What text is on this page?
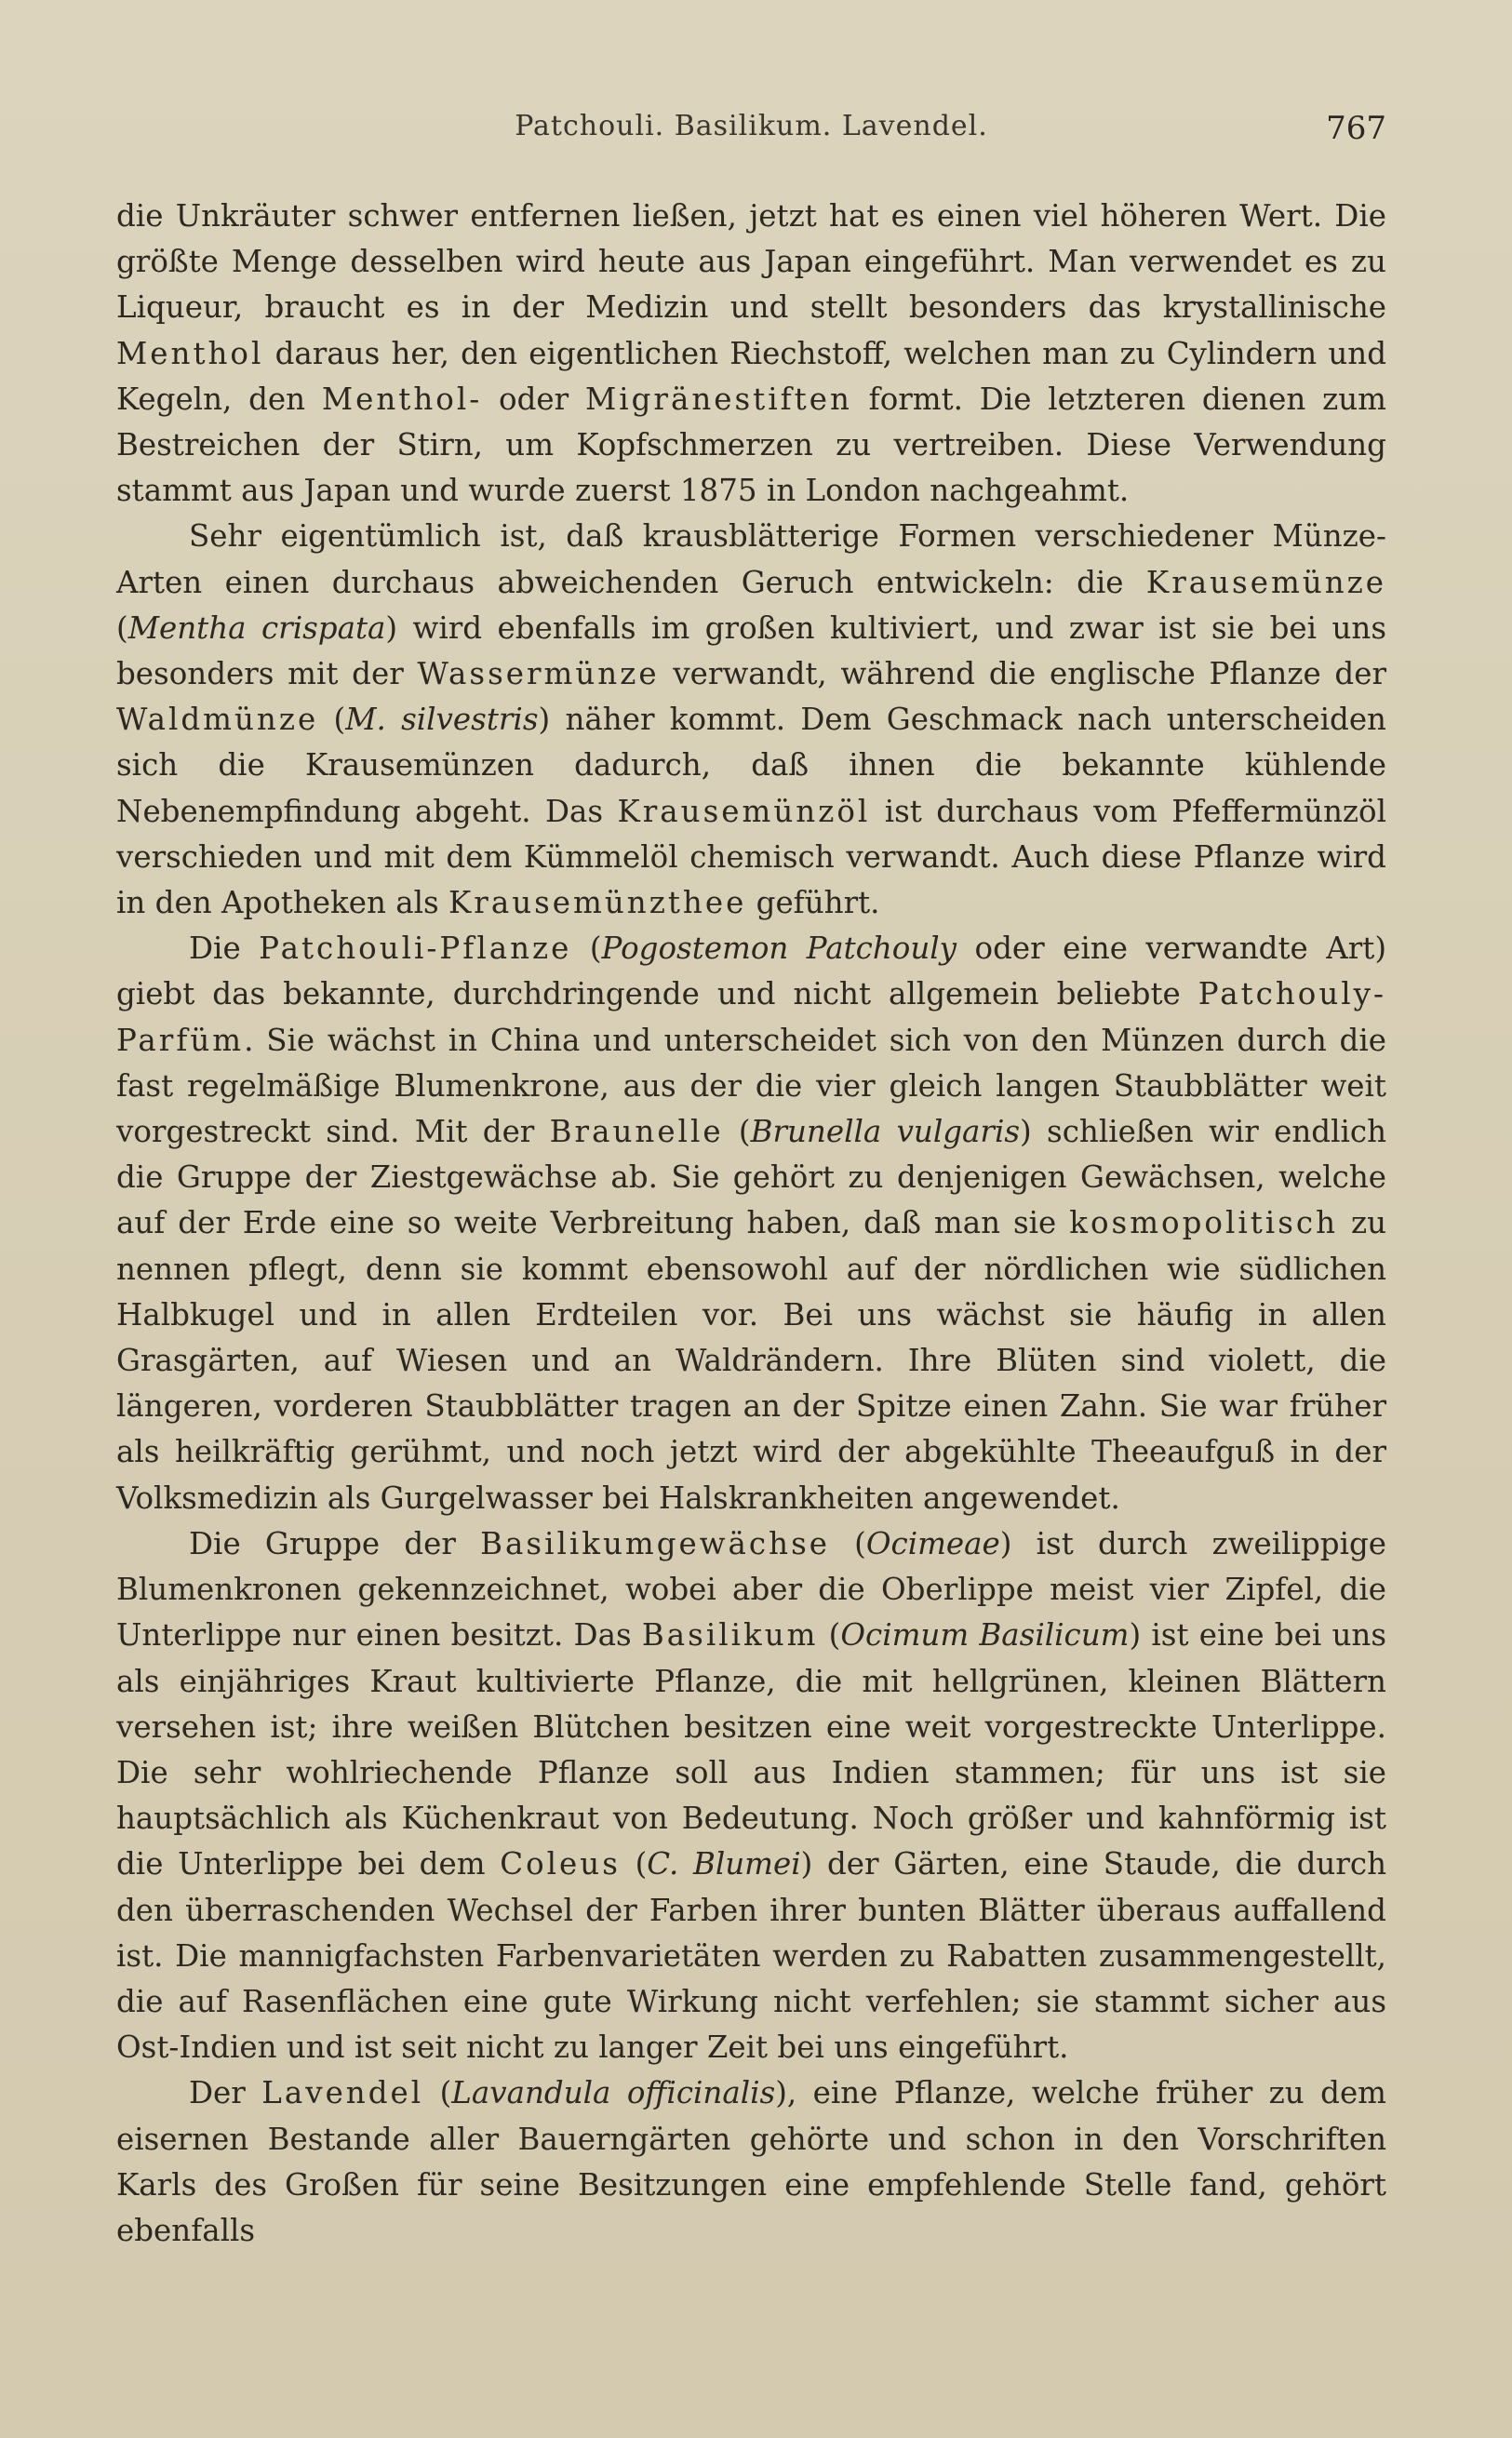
Patchouli. Basilikum. Lavendel.	767

die Unkräuter schwer entfernen ließen, jetzt hat es einen viel höheren Wert. Die größte Menge desselben wird heute aus Japan eingeführt. Man verwendet es zu Liqueur, braucht es in der Medizin und stellt besonders das krystallinische Menthol daraus her, den eigentlichen Riechstoff, welchen man zu Cylindern und Kegeln, den Menthol- oder Migränestiften formt. Die letzteren dienen zum Bestreichen der Stirn, um Kopfschmerzen zu vertreiben. Diese Verwendung stammt aus Japan und wurde zuerst 1875 in London nachgeahmt.

Sehr eigentümlich ist, daß krausblätterige Formen verschiedener Münze-Arten einen durchaus abweichenden Geruch entwickeln: die Krausemünze (Mentha crispata) wird ebenfalls im großen kultiviert, und zwar ist sie bei uns besonders mit der Wassermünze verwandt, während die englische Pflanze der Waldmünze (M. silvestris) näher kommt. Dem Geschmack nach unterscheiden sich die Krausemünzen dadurch, daß ihnen die bekannte kühlende Nebenempfindung abgeht. Das Krausemünzöl ist durchaus vom Pfeffermünzöl verschieden und mit dem Kümmelöl chemisch verwandt. Auch diese Pflanze wird in den Apotheken als Krausemünzthee geführt.

Die Patchouli-Pflanze (Pogostemon Patchouly oder eine verwandte Art) giebt das bekannte, durchdringende und nicht allgemein beliebte Patchouly-Parfüm. Sie wächst in China und unterscheidet sich von den Münzen durch die fast regelmäßige Blumenkrone, aus der die vier gleich langen Staubblätter weit vorgestreckt sind. Mit der Braunelle (Brunella vulgaris) schließen wir endlich die Gruppe der Ziestgewächse ab. Sie gehört zu denjenigen Gewächsen, welche auf der Erde eine so weite Verbreitung haben, daß man sie kosmopolitisch zu nennen pflegt, denn sie kommt ebensowohl auf der nördlichen wie südlichen Halbkugel und in allen Erdteilen vor. Bei uns wächst sie häufig in allen Grasgärten, auf Wiesen und an Waldrändern. Ihre Blüten sind violett, die längeren, vorderen Staubblätter tragen an der Spitze einen Zahn. Sie war früher als heilkräftig gerühmt, und noch jetzt wird der abgekühlte Theeaufguß in der Volksmedizin als Gurgelwasser bei Halskrankheiten angewendet.

Die Gruppe der Basilikumgewächse (Ocimeae) ist durch zweilippige Blumenkronen gekennzeichnet, wobei aber die Oberlippe meist vier Zipfel, die Unterlippe nur einen besitzt. Das Basilikum (Ocimum Basilicum) ist eine bei uns als einjähriges Kraut kultivierte Pflanze, die mit hellgrünen, kleinen Blättern versehen ist; ihre weißen Blütchen besitzen eine weit vorgestreckte Unterlippe. Die sehr wohlriechende Pflanze soll aus Indien stammen; für uns ist sie hauptsächlich als Küchenkraut von Bedeutung. Noch größer und kahnförmig ist die Unterlippe bei dem Coleus (C. Blumei) der Gärten, eine Staude, die durch den überraschenden Wechsel der Farben ihrer bunten Blätter überaus auffallend ist. Die mannigfachsten Farbenvarietäten werden zu Rabatten zusammengestellt, die auf Rasenflächen eine gute Wirkung nicht verfehlen; sie stammt sicher aus Ost-Indien und ist seit nicht zu langer Zeit bei uns eingeführt.

Der Lavendel (Lavandula officinalis), eine Pflanze, welche früher zu dem eisernen Bestande aller Bauerngärten gehörte und schon in den Vorschriften Karls des Großen für seine Besitzungen eine empfehlende Stelle fand, gehört ebenfalls
